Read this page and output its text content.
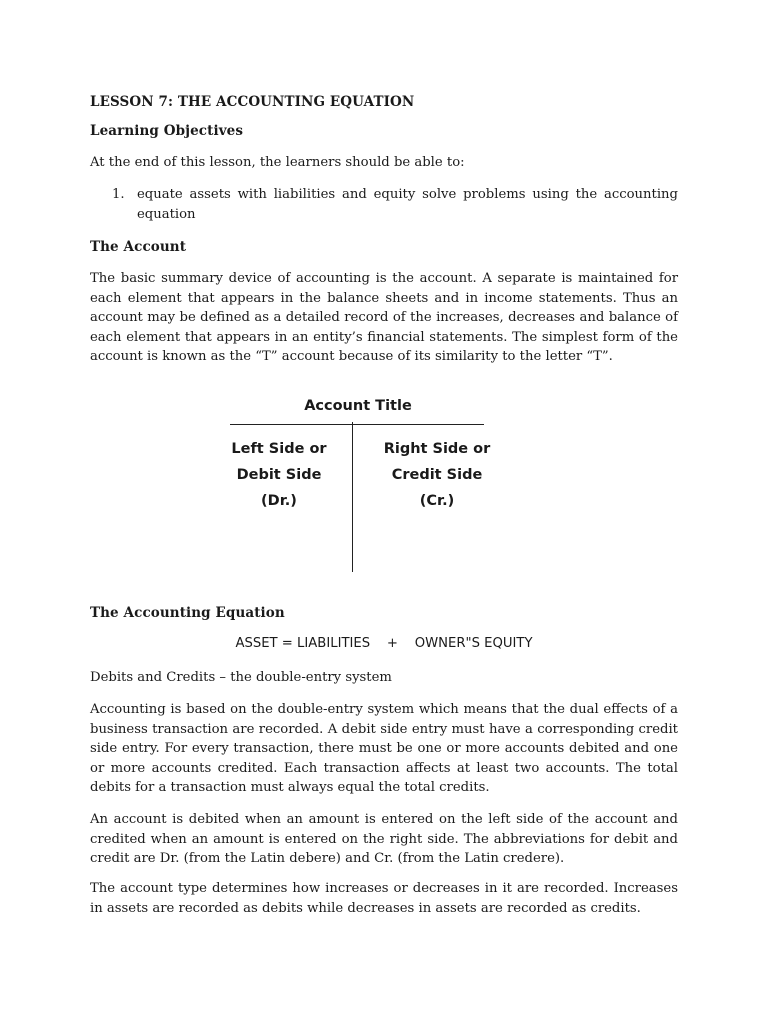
LESSON 7: THE ACCOUNTING EQUATION
Learning Objectives
At the end of this lesson, the learners should be able to:
1. equate assets with liabilities and equity solve problems using the accounting equation
The Account
The basic summary device of accounting is the account. A separate is maintained for each element that appears in the balance sheets and in income statements. Thus an account may be defined as a detailed record of the increases, decreases and balance of each element that appears in an entity’s financial statements. The simplest form of the account is known as the “T” account because of its similarity to the letter “T”.
The Accounting Equation
ASSET = LIABILITIES + OWNER"S EQUITY
Debits and Credits – the double-entry system
Accounting is based on the double-entry system which means that the dual effects of a business transaction are recorded. A debit side entry must have a corresponding credit side entry. For every transaction, there must be one or more accounts debited and one or more accounts credited. Each transaction affects at least two accounts. The total debits for a transaction must always equal the total credits.
An account is debited when an amount is entered on the left side of the account and credited when an amount is entered on the right side. The abbreviations for debit and credit are Dr. (from the Latin debere) and Cr. (from the Latin credere).
The account type determines how increases or decreases in it are recorded. Increases in assets are recorded as debits while decreases in assets are recorded as credits.
Account Title
Left Side or
Debit Side
(Dr.)
Right Side or
Credit Side
(Cr.)
